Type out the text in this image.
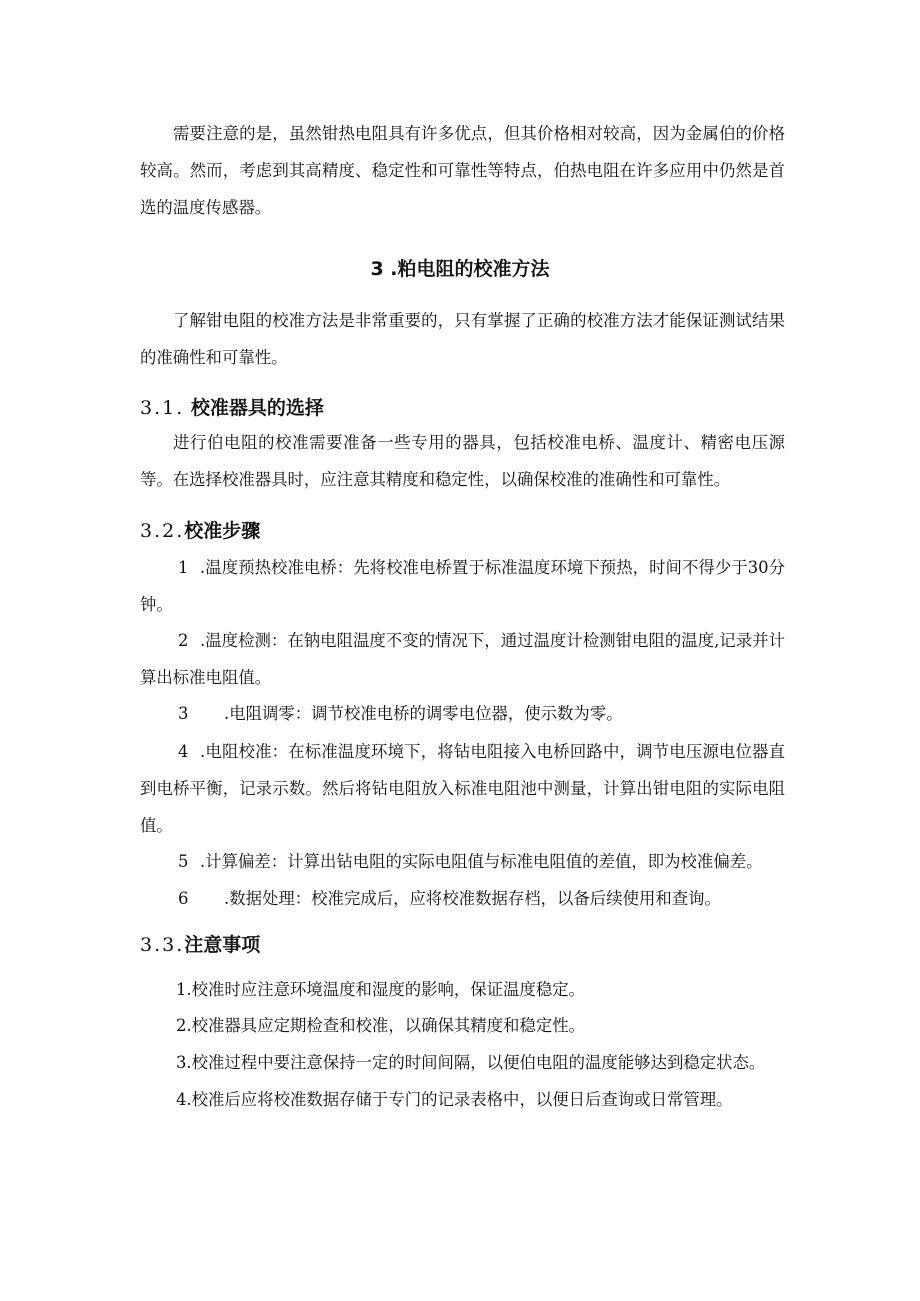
需要注意的是，虽然钳热电阻具有许多优点，但其价格相对较高，因为金属伯的价格较高。然而，考虑到其高精度、稳定性和可靠性等特点，伯热电阻在许多应用中仍然是首选的温度传感器。

3 .粕电阻的校准方法

了解钳电阻的校准方法是非常重要的，只有掌握了正确的校准方法才能保证测试结果的准确性和可靠性。

3.1. 校准器具的选择

进行伯电阻的校准需要准备一些专用的器具，包括校准电桥、温度计、精密电压源等。在选择校准器具时，应注意其精度和稳定性，以确保校准的准确性和可靠性。

3.2.校准步骤

1 .温度预热校准电桥：先将校准电桥置于标准温度环境下预热，时间不得少于30分钟。

2 .温度检测：在钠电阻温度不变的情况下，通过温度计检测钳电阻的温度,记录并计算出标准电阻值。

3 .电阻调零：调节校准电桥的调零电位器，使示数为零。

4 .电阻校准：在标准温度环境下，将钻电阻接入电桥回路中，调节电压源电位器直到电桥平衡，记录示数。然后将钻电阻放入标准电阻池中测量，计算出钳电阻的实际电阻值。

5 .计算偏差：计算出钻电阻的实际电阻值与标准电阻值的差值，即为校准偏差。

6 .数据处理：校准完成后，应将校准数据存档，以备后续使用和查询。

3.3.注意事项

1.校准时应注意环境温度和湿度的影响，保证温度稳定。

2.校准器具应定期检查和校准，以确保其精度和稳定性。

3.校准过程中要注意保持一定的时间间隔，以便伯电阻的温度能够达到稳定状态。

4.校准后应将校准数据存储于专门的记录表格中，以便日后查询或日常管理。
